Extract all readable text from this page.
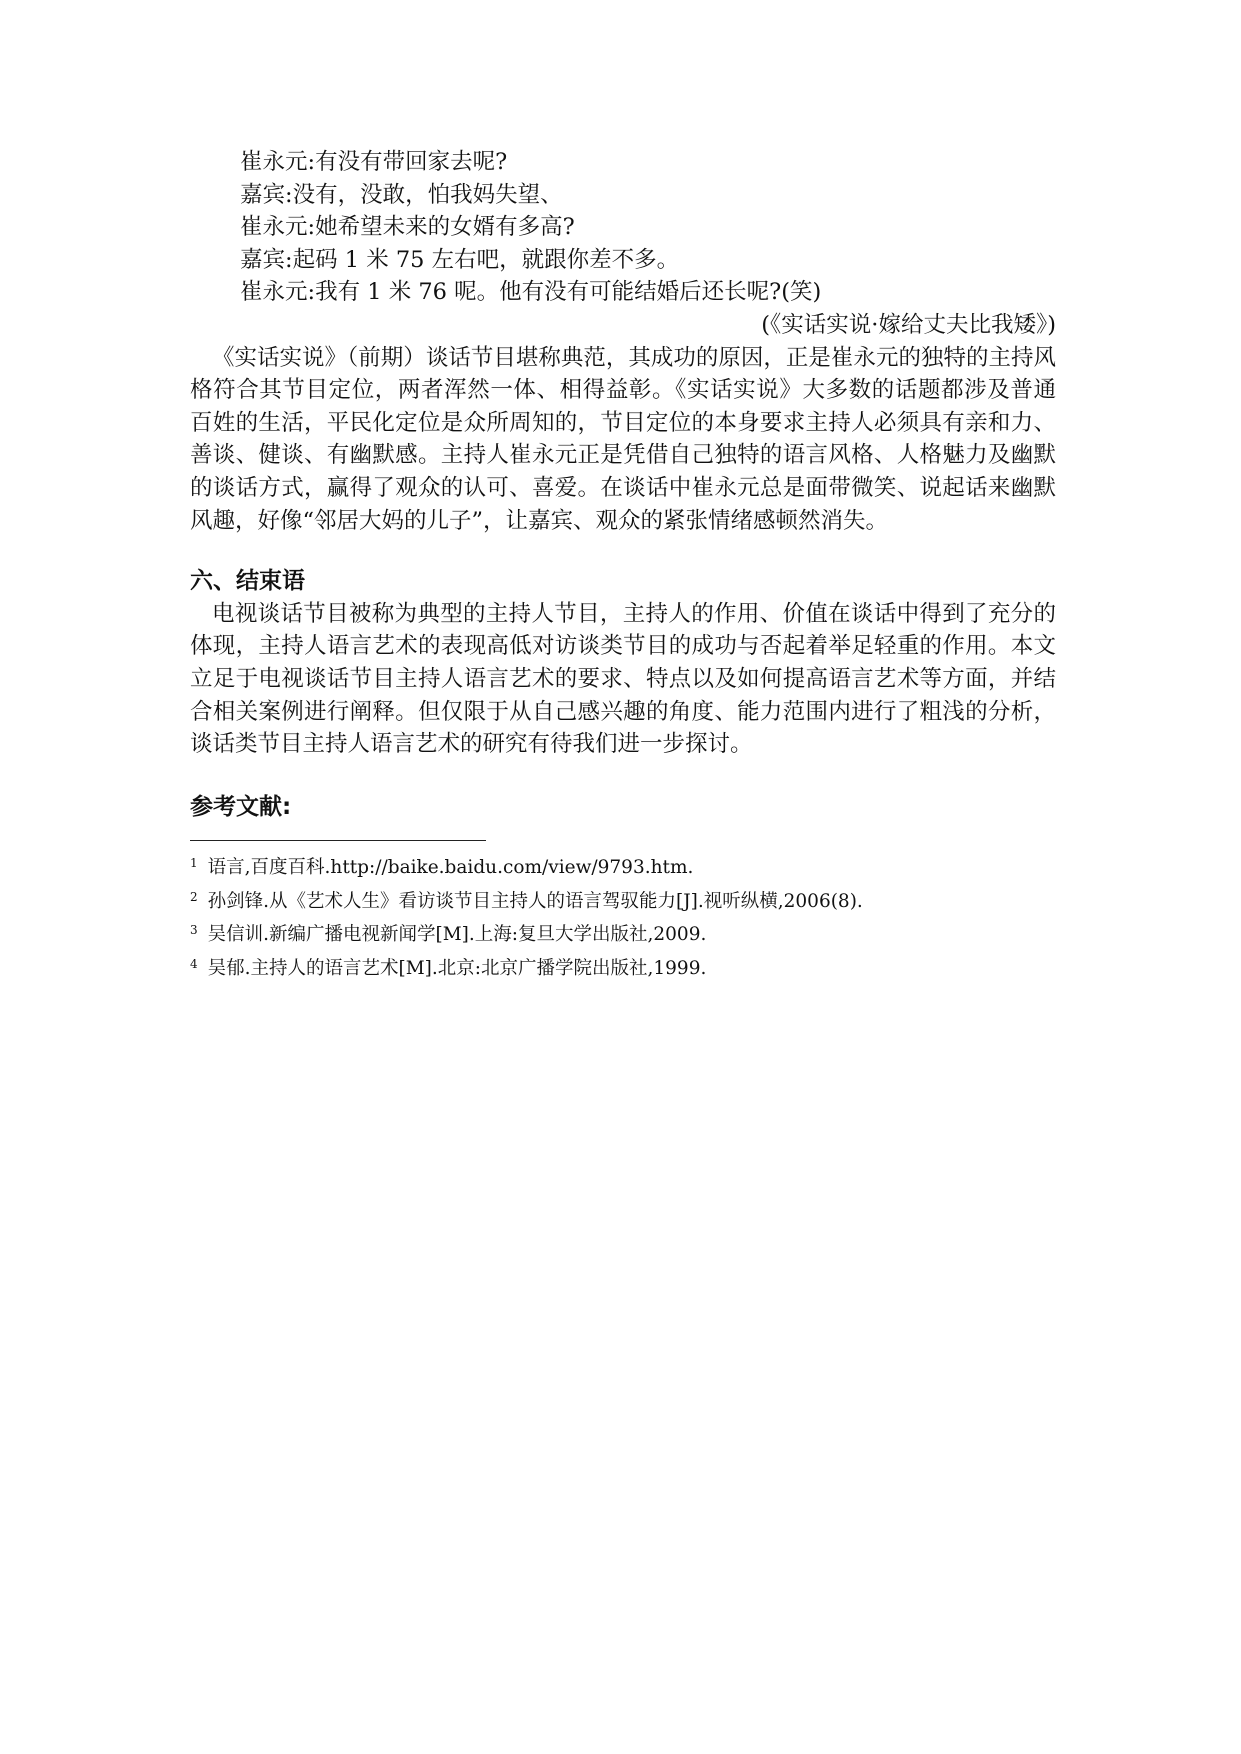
崔永元:有没有带回家去呢?
嘉宾:没有，没敢，怕我妈失望、
崔永元:她希望未来的女婿有多高?
嘉宾:起码 1 米 75 左右吧，就跟你差不多。
崔永元:我有 1 米 76 呢。他有没有可能结婚后还长呢?(笑)
(《实话实说·嫁给丈夫比我矮》)

《实话实说》（前期）谈话节目堪称典范，其成功的原因，正是崔永元的独特的主持风格符合其节目定位，两者浑然一体、相得益彰。《实话实说》大多数的话题都涉及普通百姓的生活，平民化定位是众所周知的，节目定位的本身要求主持人必须具有亲和力、善谈、健谈、有幽默感。主持人崔永元正是凭借自己独特的语言风格、人格魅力及幽默的谈话方式，赢得了观众的认可、喜爱。在谈话中崔永元总是面带微笑、说起话来幽默风趣，好像“邻居大妈的儿子”，让嘉宾、观众的紧张情绪感顿然消失。

六、结束语

电视谈话节目被称为典型的主持人节目，主持人的作用、价值在谈话中得到了充分的体现，主持人语言艺术的表现高低对访谈类节目的成功与否起着举足轻重的作用。本文立足于电视谈话节目主持人语言艺术的要求、特点以及如何提高语言艺术等方面，并结合相关案例进行阐释。但仅限于从自己感兴趣的角度、能力范围内进行了粗浅的分析，谈话类节目主持人语言艺术的研究有待我们进一步探讨。

参考文献:
$^1$ 语言,百度百科.http://baike.baidu.com/view/9793.htm.
$^2$ 孙剑锋.从《艺术人生》看访谈节目主持人的语言驾驭能力[J].视听纵横,2006(8).
$^3$ 吴信训.新编广播电视新闻学[M].上海:复旦大学出版社,2009.
$^4$ 吴郁.主持人的语言艺术[M].北京:北京广播学院出版社,1999.
